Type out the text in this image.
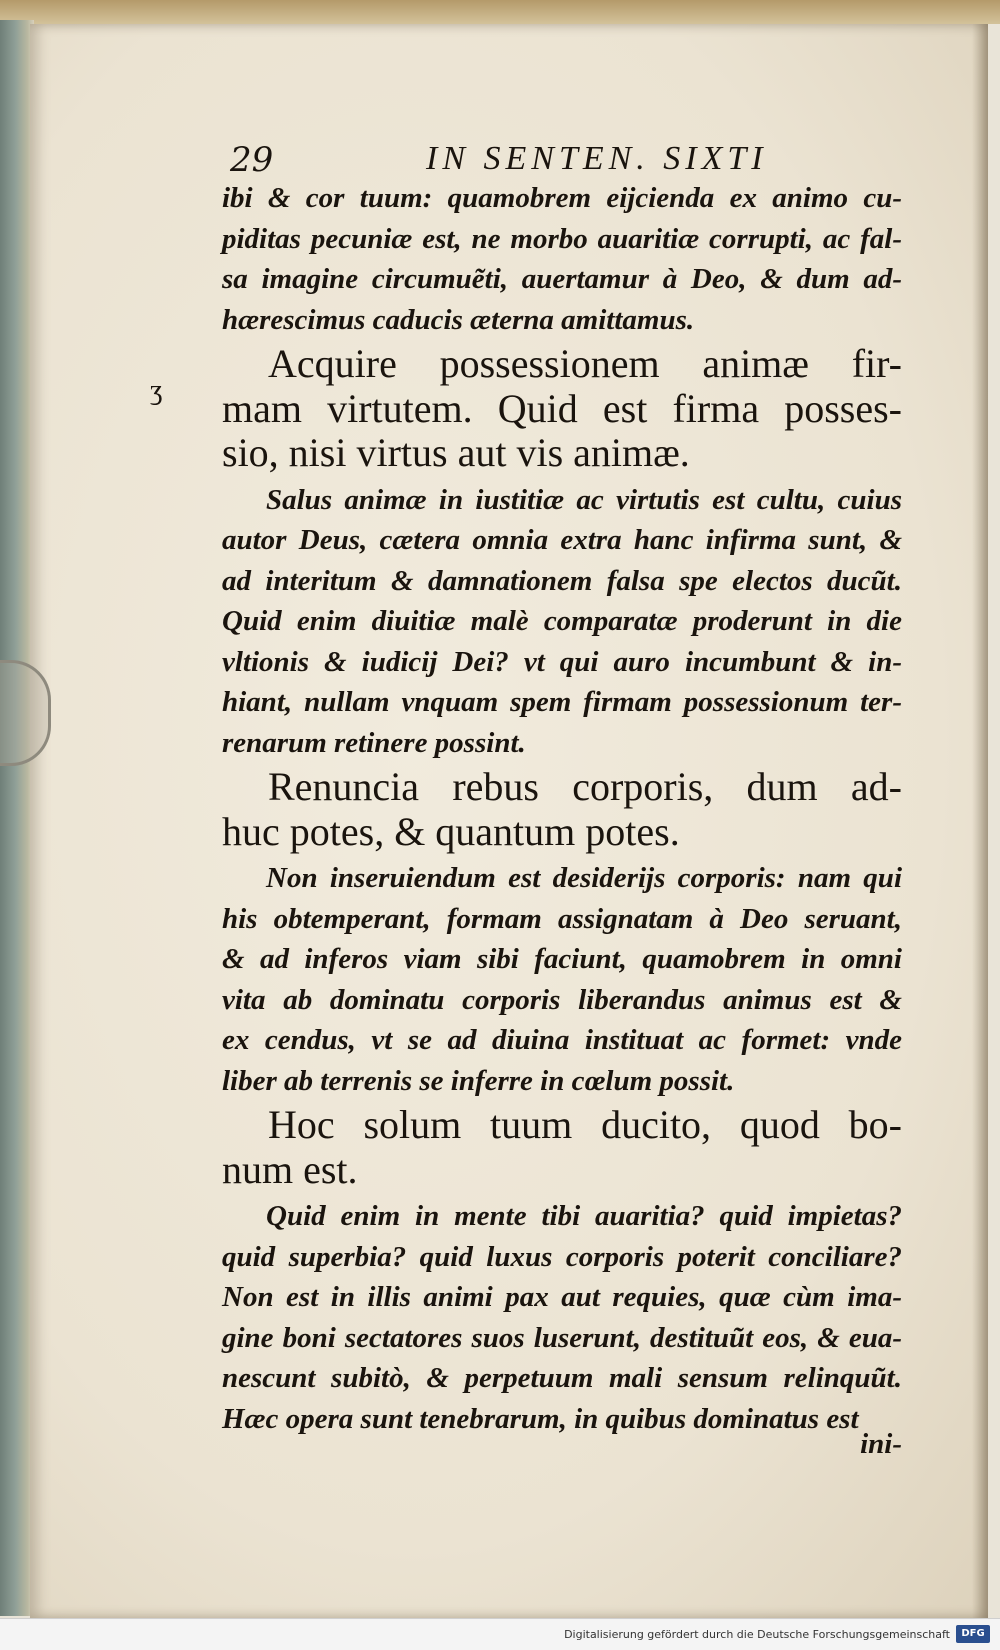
29	IN SENTEN. SIXTI
ʒ
ibi & cor tuum: quamobrem eijcienda ex animo cu-
piditas pecuniæ est, ne morbo auaritiæ corrupti, ac fal-
sa imagine circumuẽti, auertamur à Deo, & dum ad-
hærescimus caducis æterna amittamus.
Acquire possessionem animæ fir-
mam virtutem. Quid est firma posses-
sio, nisi virtus aut vis animæ.
Salus animæ in iustitiæ ac virtutis est cultu, cuius
autor Deus, cætera omnia extra hanc infirma sunt, &
ad interitum & damnationem falsa spe electos ducũt.
Quid enim diuitiæ malè comparatæ proderunt in die
vltionis & iudicij Dei? vt qui auro incumbunt & in-
hiant, nullam vnquam spem firmam possessionum ter-
renarum retinere possint.
Renuncia rebus corporis, dum ad-
huc potes, & quantum potes.
Non inseruiendum est desiderijs corporis: nam qui
his obtemperant, formam assignatam à Deo seruant,
& ad inferos viam sibi faciunt, quamobrem in omni
vita ab dominatu corporis liberandus animus est &
ex cendus, vt se ad diuina instituat ac formet: vnde
liber ab terrenis se inferre in cœlum possit.
Hoc solum tuum ducito, quod bo-
num est.
Quid enim in mente tibi auaritia? quid impietas?
quid superbia? quid luxus corporis poterit conciliare?
Non est in illis animi pax aut requies, quæ cùm ima-
gine boni sectatores suos luserunt, destituũt eos, & eua-
nescunt subitò, & perpetuum mali sensum relinquũt.
Hæc opera sunt tenebrarum, in quibus dominatus est
ini-
Digitalisierung gefördert durch die Deutsche Forschungsgemeinschaft	DFG
